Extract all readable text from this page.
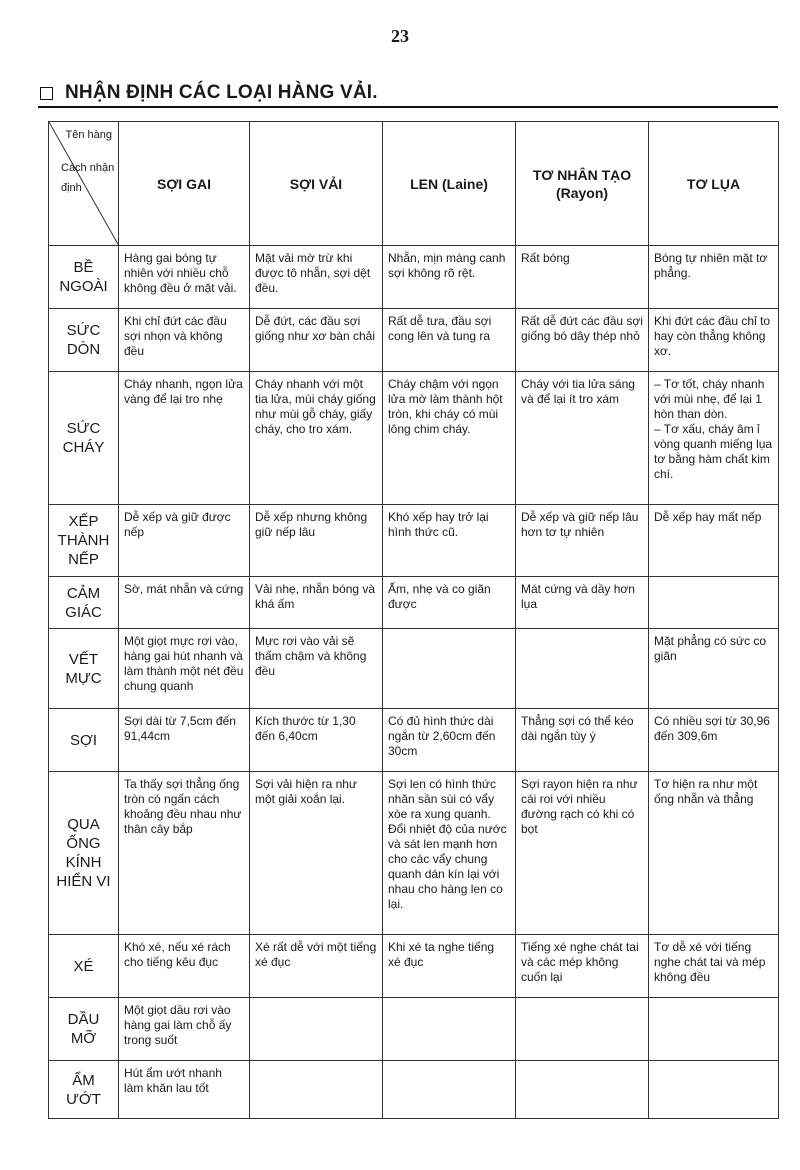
23
NHẬN ĐỊNH CÁC LOẠI HÀNG VẢI.
Tên hàng
Cách nhận định	SỢI GAI	SỢI VẢI	LEN (Laine)	TƠ NHÂN TẠO (Rayon)	TƠ LỤA
BỀ NGOÀI	Hàng gai bóng tự nhiên với nhiều chỗ không đều ở mặt vải.	Mặt vải mờ trừ khi được tô nhẵn, sợi dệt đều.	Nhẵn, mịn màng canh sợi không rõ rệt.	Rất bóng	Bóng tự nhiên mặt tơ phẳng.
SỨC DÒN	Khi chỉ đứt các đầu sợi nhọn và không đều	Dễ đứt, các đầu sợi giống như xơ bàn chải	Rất dễ tưa, đầu sợi cong lên và tung ra	Rất dễ đứt các đầu sợi giống bó dây thép nhỏ	Khi đứt các đầu chỉ to hay còn thẳng không xơ.
SỨC CHÁY	Cháy nhanh, ngọn lửa vàng để lại tro nhẹ	Cháy nhanh với một tia lửa, mùi cháy giống như mùi gỗ cháy, giấy cháy, cho tro xám.	Cháy chậm với ngọn lửa mờ làm thành hột tròn, khi cháy có mùi lông chim cháy.	Cháy với tia lửa sáng và để lại ít tro xám	– Tơ tốt, cháy nhanh với mùi nhẹ, để lại 1 hòn than dòn.
– Tơ xấu, cháy âm ỉ vòng quanh miếng lụa tơ bằng hàm chất kim chí.
XẾP THÀNH NẾP	Dễ xếp và giữ được nếp	Dễ xếp nhưng không giữ nếp lâu	Khó xếp hay trở lại hình thức cũ.	Dễ xếp và giữ nếp lâu hơn tơ tự nhiên	Dễ xếp hay mất nếp
CẢM GIÁC	Sờ, mát nhẵn và cứng	Vải nhẹ, nhẵn bóng và khá ấm	Ấm, nhẹ và co giãn được	Mát cứng và dầy hơn lụa	
VẾT MỰC	Một giọt mực rơi vào, hàng gai hút nhanh và làm thành một nét đều chung quanh	Mực rơi vào vải sẽ thấm chậm và không đều			Mặt phẳng có sức co giãn
SỢI	Sợi dài từ 7,5cm đến 91,44cm	Kích thước từ 1,30 đến 6,40cm	Có đủ hình thức dài ngắn từ 2,60cm đến 30cm	Thẳng sợi có thể kéo dài ngắn tùy ý	Có nhiều sợi từ 30,96 đến 309,6m
QUA ỐNG KÍNH HIỂN VI	Ta thấy sợi thẳng ống tròn có ngấn cách khoảng đều nhau như thân cây bắp	Sợi vải hiện ra như một giải xoắn lại.	Sợi len có hình thức nhăn sần sùi có vẩy xòe ra xung quanh. Đổi nhiệt độ của nước và sát len mạnh hơn cho các vẩy chung quanh dán kín lại với nhau cho hàng len co lại.	Sợi rayon hiện ra như cái roi với nhiều đường rạch có khi có bọt	Tơ hiện ra như một ống nhẵn và thẳng
XÉ	Khó xé, nếu xé rách cho tiếng kêu đục	Xé rất dễ với một tiếng xé đục	Khi xé ta nghe tiếng xé đục	Tiếng xé nghe chát tai và các mép không cuốn lại	Tơ dễ xé với tiếng nghe chát tai và mép không đều
DẦU MỠ	Một giọt dầu rơi vào hàng gai làm chỗ ấy trong suốt				
ẨM ƯỚT	Hút ẩm ướt nhanh làm khăn lau tốt				
